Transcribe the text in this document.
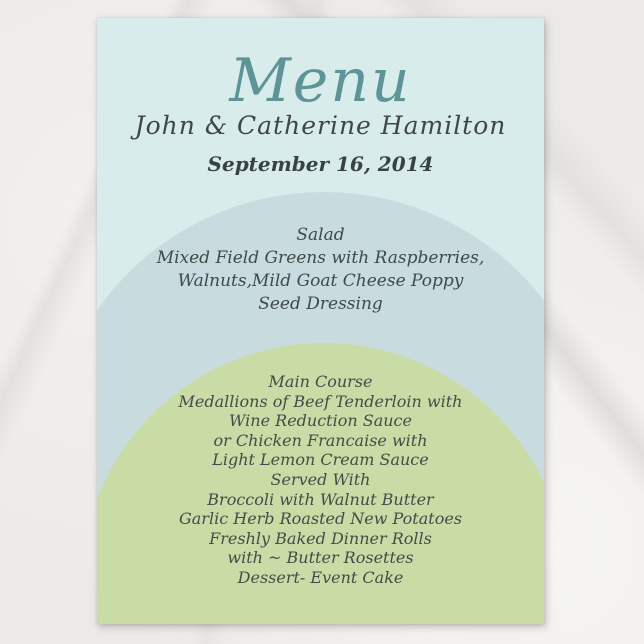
Menu
John & Catherine Hamilton
September 16, 2014
Salad
Mixed Field Greens with Raspberries,
Walnuts,Mild Goat Cheese Poppy
Seed Dressing
Main Course
Medallions of Beef Tenderloin with
Wine Reduction Sauce
or Chicken Francaise with
Light Lemon Cream Sauce
Served With
Broccoli with Walnut Butter
Garlic Herb Roasted New Potatoes
Freshly Baked Dinner Rolls
with ~ Butter Rosettes
Dessert- Event Cake
